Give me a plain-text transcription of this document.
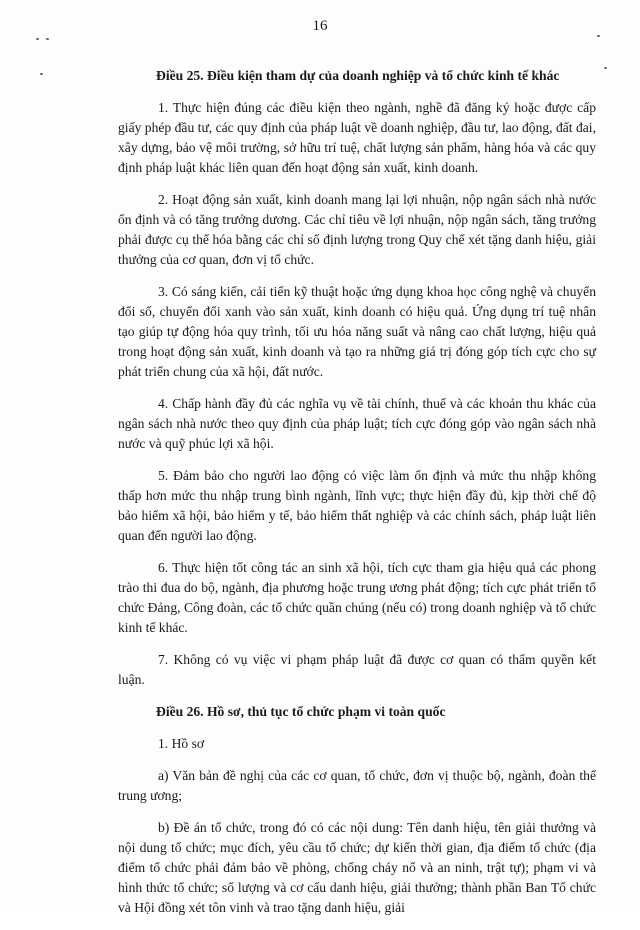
16

Điều 25. Điều kiện tham dự của doanh nghiệp và tổ chức kinh tế khác

1. Thực hiện đúng các điều kiện theo ngành, nghề đã đăng ký hoặc được cấp giấy phép đầu tư, các quy định của pháp luật về doanh nghiệp, đầu tư, lao động, đất đai, xây dựng, bảo vệ môi trường, sở hữu trí tuệ, chất lượng sản phẩm, hàng hóa và các quy định pháp luật khác liên quan đến hoạt động sản xuất, kinh doanh.

2. Hoạt động sản xuất, kinh doanh mang lại lợi nhuận, nộp ngân sách nhà nước ổn định và có tăng trưởng dương. Các chỉ tiêu về lợi nhuận, nộp ngân sách, tăng trưởng phải được cụ thể hóa bằng các chỉ số định lượng trong Quy chế xét tặng danh hiệu, giải thưởng của cơ quan, đơn vị tổ chức.

3. Có sáng kiến, cải tiến kỹ thuật hoặc ứng dụng khoa học công nghệ và chuyển đổi số, chuyển đổi xanh vào sản xuất, kinh doanh có hiệu quả. Ứng dụng trí tuệ nhân tạo giúp tự động hóa quy trình, tối ưu hóa năng suất và nâng cao chất lượng, hiệu quả trong hoạt động sản xuất, kinh doanh và tạo ra những giá trị đóng góp tích cực cho sự phát triển chung của xã hội, đất nước.

4. Chấp hành đầy đủ các nghĩa vụ về tài chính, thuế và các khoản thu khác của ngân sách nhà nước theo quy định của pháp luật; tích cực đóng góp vào ngân sách nhà nước và quỹ phúc lợi xã hội.

5. Đảm bảo cho người lao động có việc làm ổn định và mức thu nhập không thấp hơn mức thu nhập trung bình ngành, lĩnh vực; thực hiện đầy đủ, kịp thời chế độ bảo hiểm xã hội, bảo hiểm y tế, bảo hiểm thất nghiệp và các chính sách, pháp luật liên quan đến người lao động.

6. Thực hiện tốt công tác an sinh xã hội, tích cực tham gia hiệu quả các phong trào thi đua do bộ, ngành, địa phương hoặc trung ương phát động; tích cực phát triển tổ chức Đảng, Công đoàn, các tổ chức quần chúng (nếu có) trong doanh nghiệp và tổ chức kinh tế khác.

7. Không có vụ việc vi phạm pháp luật đã được cơ quan có thẩm quyền kết luận.

Điều 26. Hồ sơ, thủ tục tổ chức phạm vi toàn quốc

1. Hồ sơ

a) Văn bản đề nghị của các cơ quan, tổ chức, đơn vị thuộc bộ, ngành, đoàn thể trung ương;

b) Đề án tổ chức, trong đó có các nội dung: Tên danh hiệu, tên giải thưởng và nội dung tổ chức; mục đích, yêu cầu tổ chức; dự kiến thời gian, địa điểm tổ chức (địa điểm tổ chức phải đảm bảo về phòng, chống cháy nổ và an ninh, trật tự); phạm vi và hình thức tổ chức; số lượng và cơ cấu danh hiệu, giải thưởng; thành phần Ban Tổ chức và Hội đồng xét tôn vinh và trao tặng danh hiệu, giải
